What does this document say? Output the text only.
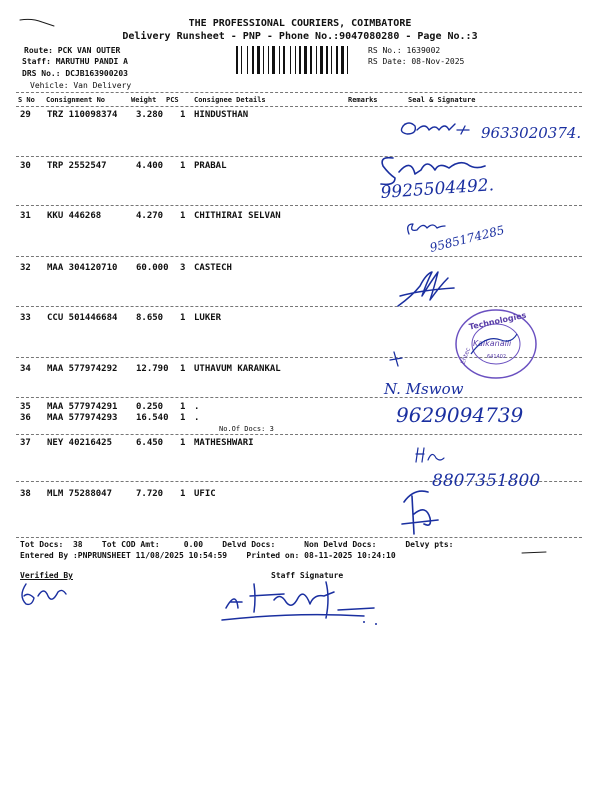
THE PROFESSIONAL COURIERS, COIMBATORE
Delivery Runsheet - PNP - Phone No.:9047080280 - Page No.:3
Route: PCK VAN OUTER
Staff: MARUTHU PANDI A
DRS No.: DCJB163900203
Vehicle: Van Delivery
RS No.: 1639002
RS Date: 08-Nov-2025
S No Consignment No	Weight PCS Consignee Details	Remarks	Seal & Signature
29 TRZ 110098374 3.280 1 HINDUSTHAN
30 TRP 2552547	4.400 1 PRABAL
31 KKU 446268	4.270 1 CHITHIRAI SELVAN
32 MAA 304120710 60.000 3 CASTECH
33 CCU 501446684 8.650 1 LUKER
34 MAA 577974292 12.790 1 UTHAVUM KARANKAL
35 MAA 577974291 0.250 1 .
36 MAA 577974293 16.540 1 .
No.Of Docs: 3
37 NEY 40216425	6.450 1 MATHESHWARI
38 MLM 75288047	7.720 1 UFIC
9633020374.
9925504492.
9585174285
Technologies
Ehtec
Kalkanalli
641402
N. Mswow
9629094739
8807351800
Tot Docs:  38    Tot COD Amt:     0.00    Delvd Docs:      Non Delvd Docs:      Delvy pts:
Entered By :PNPRUNSHEET 11/08/2025 10:54:59    Printed on: 08-11-2025 10:24:10
Verified By	Staff Signature
